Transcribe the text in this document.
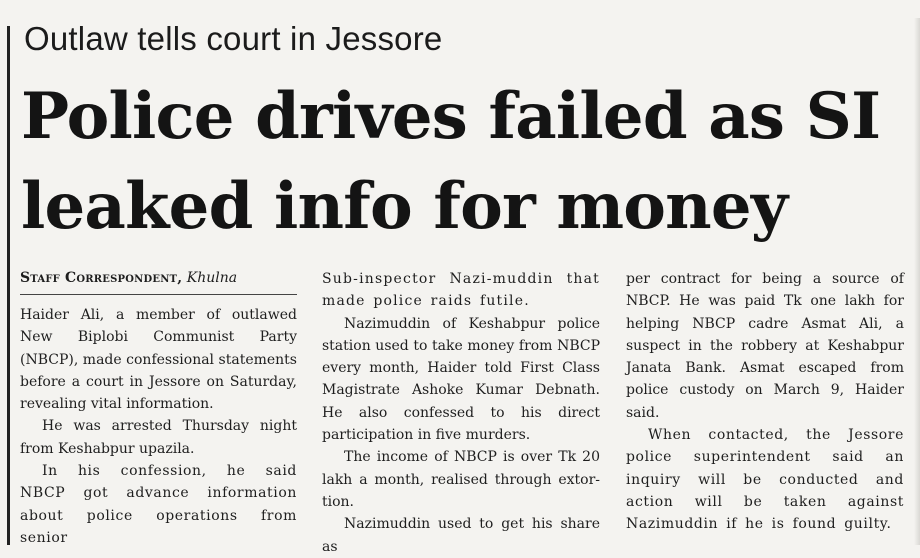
Outlaw tells court in Jessore
Police drives failed as SI
leaked info for money
Staff Correspondent, Khulna

Haider Ali, a member of outlawed New Biplobi Communist Party (NBCP), made confessional statements before a court in Jessore on Saturday, revealing vital information.

He was arrested Thursday night from Keshabpur upazila.

In his confession, he said NBCP got advance information about police operations from senior

Sub-inspector Nazi-muddin that made police raids futile.

Nazimuddin of Keshabpur police station used to take money from NBCP every month, Haider told First Class Magistrate Ashoke Kumar Debnath. He also confessed to his direct participation in five murders.

The income of NBCP is over Tk 20 lakh a month, realised through extor-tion.

Nazimuddin used to get his share as

per contract for being a source of NBCP. He was paid Tk one lakh for helping NBCP cadre Asmat Ali, a suspect in the robbery at Keshabpur Janata Bank. Asmat escaped from police custody on March 9, Haider said.

When contacted, the Jessore police superintendent said an inquiry will be conducted and action will be taken against Nazimuddin if he is found guilty.
